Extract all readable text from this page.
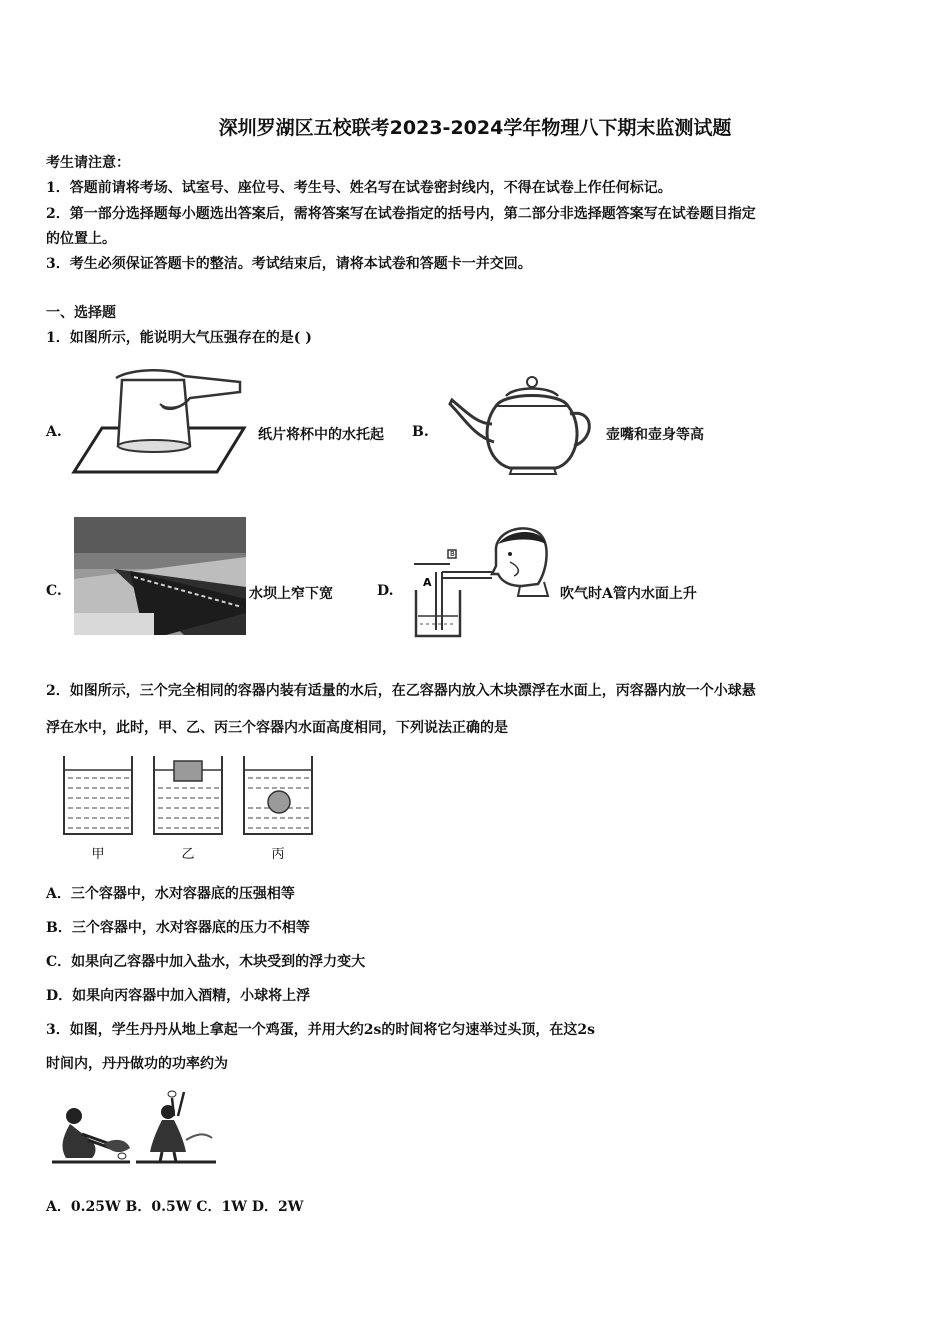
深圳罗湖区五校联考2023-2024学年物理八下期末监测试题
考生请注意：
1．答题前请将考场、试室号、座位号、考生号、姓名写在试卷密封线内，不得在试卷上作任何标记。
2．第一部分选择题每小题选出答案后，需将答案写在试卷指定的括号内，第二部分非选择题答案写在试卷题目指定
的位置上。
3．考生必须保证答题卡的整洁。考试结束后，请将本试卷和答题卡一并交回。
一、选择题
1．如图所示，能说明大气压强存在的是( )
A.	纸片将杯中的水托起 B.	壶嘴和壶身等高
C.	水坝上窄下宽	D.
B
A
吹气时A管内水面上升
2．如图所示，三个完全相同的容器内装有适量的水后，在乙容器内放入木块漂浮在水面上，丙容器内放一个小球悬
浮在水中，此时，甲、乙、丙三个容器内水面高度相同，下列说法正确的是
甲	乙	丙
A．三个容器中，水对容器底的压强相等
B．三个容器中，水对容器底的压力不相等
C．如果向乙容器中加入盐水，木块受到的浮力变大
D．如果向丙容器中加入酒精，小球将上浮
3．如图，学生丹丹从地上拿起一个鸡蛋，并用大约2s的时间将它匀速举过头顶，在这2s
时间内，丹丹做功的功率约为
A．0.25W B．0.5W C．1W D．2W
